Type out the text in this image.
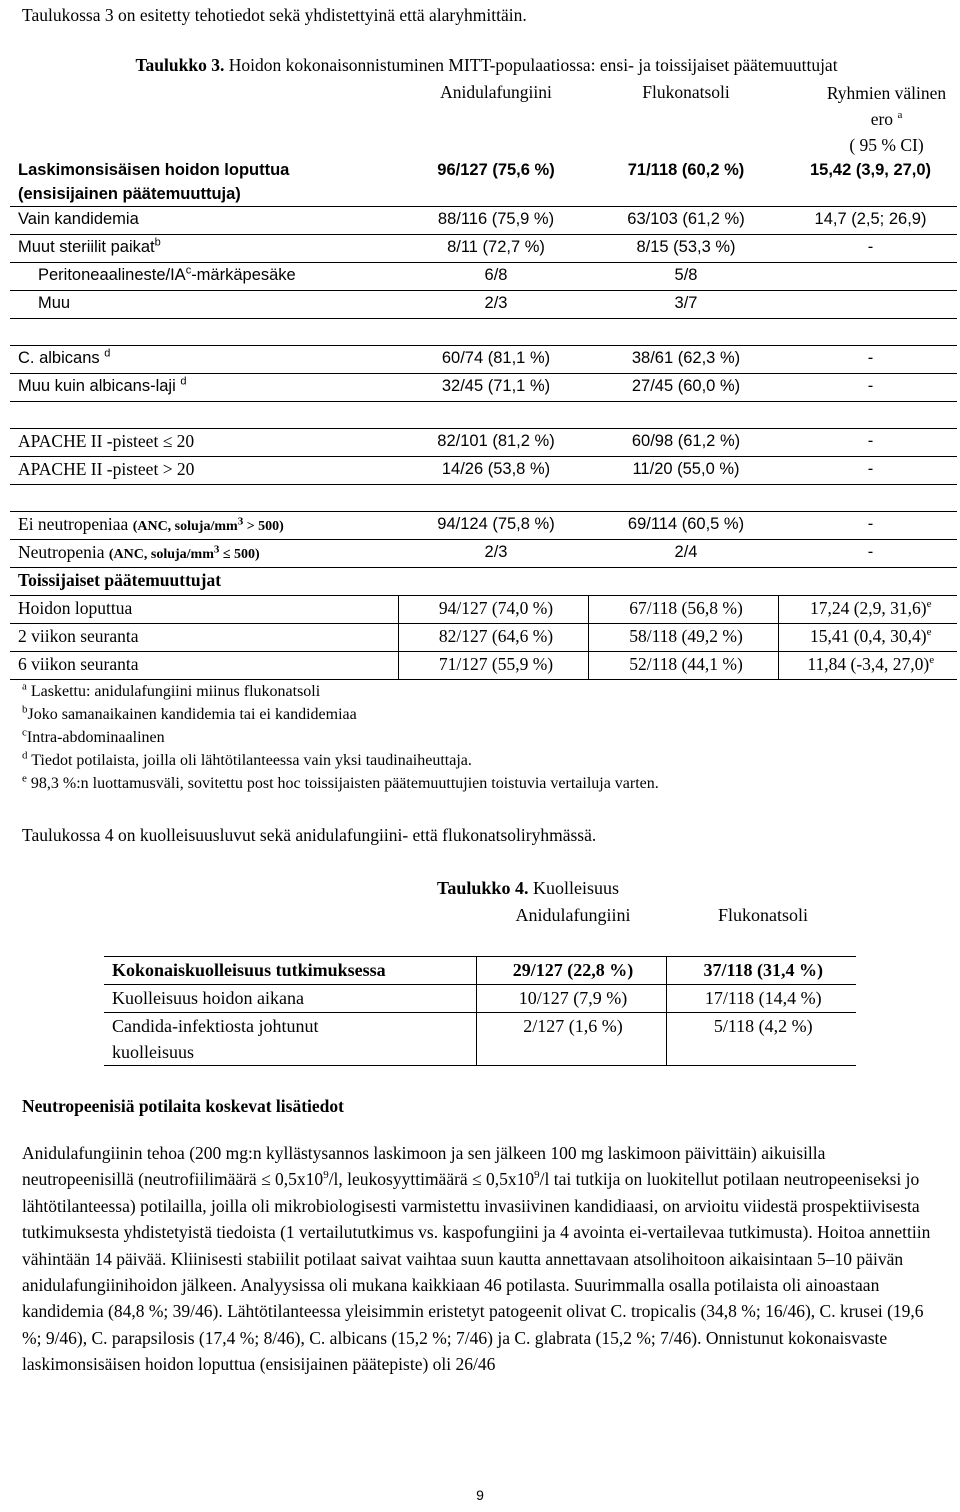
Taulukossa 3 on esitetty tehotiedot sekä yhdistettyinä että alaryhmittäin.

Taulukko 3. Hoidon kokonaisonnistuminen MITT-populaatiossa: ensi- ja toissijaiset päätemuuttujat			
	Anidulafungiini	Flukonatsoli	Ryhmien välinen ero $^a$
( 95 % CI)

Laskimonsisäisen hoidon loputtua
(ensisijainen päätemuuttuja)	96/127 (75,6 %)	71/118 (60,2 %)	15,42 (3,9, 27,0)
Vain kandidemia	88/116 (75,9 %)	63/103 (61,2 %)	14,7 (2,5; 26,9)
Muut steriilit paikat$^b$	8/11 (72,7 %)	8/15 (53,3 %)	-
Peritoneaalineste/$IA^c$-märkäpesäke	6/8	5/8	
Muu	2/3	3/7	

C. albicans $^d$	60/74 (81,1 %)	38/61 (62,3 %)	-
Muu kuin albicans-laji $^d$	32/45 (71,1 %)	27/45 (60,0 %)	-

APACHE II -pisteet ≤ 20	82/101 (81,2 %)	60/98 (61,2 %)	-
APACHE II -pisteet > 20	14/26 (53,8 %)	11/20 (55,0 %)	-

Ei neutropeniaa (ANC, soluja/$mm^3 > 500$)	94/124 (75,8 %)	69/114 (60,5 %)	-
Neutropenia (ANC, soluja/$mm^3 \le 500$)	2/3	2/4	-
Toissijaiset päätemuuttujat			
Hoidon loputtua	94/127 (74,0 %)	67/118 (56,8 %)	17,24 (2,9, 31,6)$^e$
2 viikon seuranta	82/127 (64,6 %)	58/118 (49,2 %)	15,41 (0,4, 30,4)$^e$
6 viikon seuranta	71/127 (55,9 %)	52/118 (44,1 %)	11,84 (-3,4, 27,0)$^e$
$^a$ Laskettu: anidulafungiini miinus flukonatsoli
$^b$Joko samanaikainen kandidemia tai ei kandidemiaa
$^c$Intra-abdominaalinen
$^d$ Tiedot potilaista, joilla oli lähtötilanteessa vain yksi taudinaiheuttaja.
$^e$ 98,3 %:n luottamusväli, sovitettu post hoc toissijaisten päätemuuttujien toistuvia vertailuja varten.

Taulukossa 4 on kuolleisuusluvut sekä anidulafungiini- että flukonatsoliryhmässä.

Taulukko 4. Kuolleisuus		
	Anidulafungiini	Flukonatsoli

Kokonaiskuolleisuus tutkimuksessa	29/127 (22,8 %)	37/118 (31,4 %)
Kuolleisuus hoidon aikana	10/127 (7,9 %)	17/118 (14,4 %)
Candida-infektiosta johtunut
kuolleisuus	2/127 (1,6 %)	5/118 (4,2 %)

Neutropeenisiä potilaita koskevat lisätiedot

Anidulafungiinin tehoa (200 mg:n kyllästysannos laskimoon ja sen jälkeen 100 mg laskimoon päivittäin) aikuisilla neutropeenisillä (neutrofiilimäärä ≤ $0,5x10^9/l$, leukosyyttimäärä ≤ $0,5x10^9/l$ tai tutkija on luokitellut potilaan neutropeeniseksi jo lähtötilanteessa) potilailla, joilla oli mikrobiologisesti varmistettu invasiivinen kandidiaasi, on arvioitu viidestä prospektiivisesta tutkimuksesta yhdistetyistä tiedoista (1 vertailututkimus vs. kaspofungiini ja 4 avointa ei-vertailevaa tutkimusta). Hoitoa annettiin vähintään 14 päivää. Kliinisesti stabiilit potilaat saivat vaihtaa suun kautta annettavaan atsolihoitoon aikaisintaan 5–10 päivän anidulafungiinihoidon jälkeen. Analyysissa oli mukana kaikkiaan 46 potilasta. Suurimmalla osalla potilaista oli ainoastaan kandidemia (84,8 %; 39/46). Lähtötilanteessa yleisimmin eristetyt patogeenit olivat C. tropicalis (34,8 %; 16/46), C. krusei (19,6 %; 9/46), C. parapsilosis (17,4 %; 8/46), C. albicans (15,2 %; 7/46) ja C. glabrata (15,2 %; 7/46). Onnistunut kokonaisvaste laskimonsisäisen hoidon loputtua (ensisijainen päätepiste) oli 26/46

9
